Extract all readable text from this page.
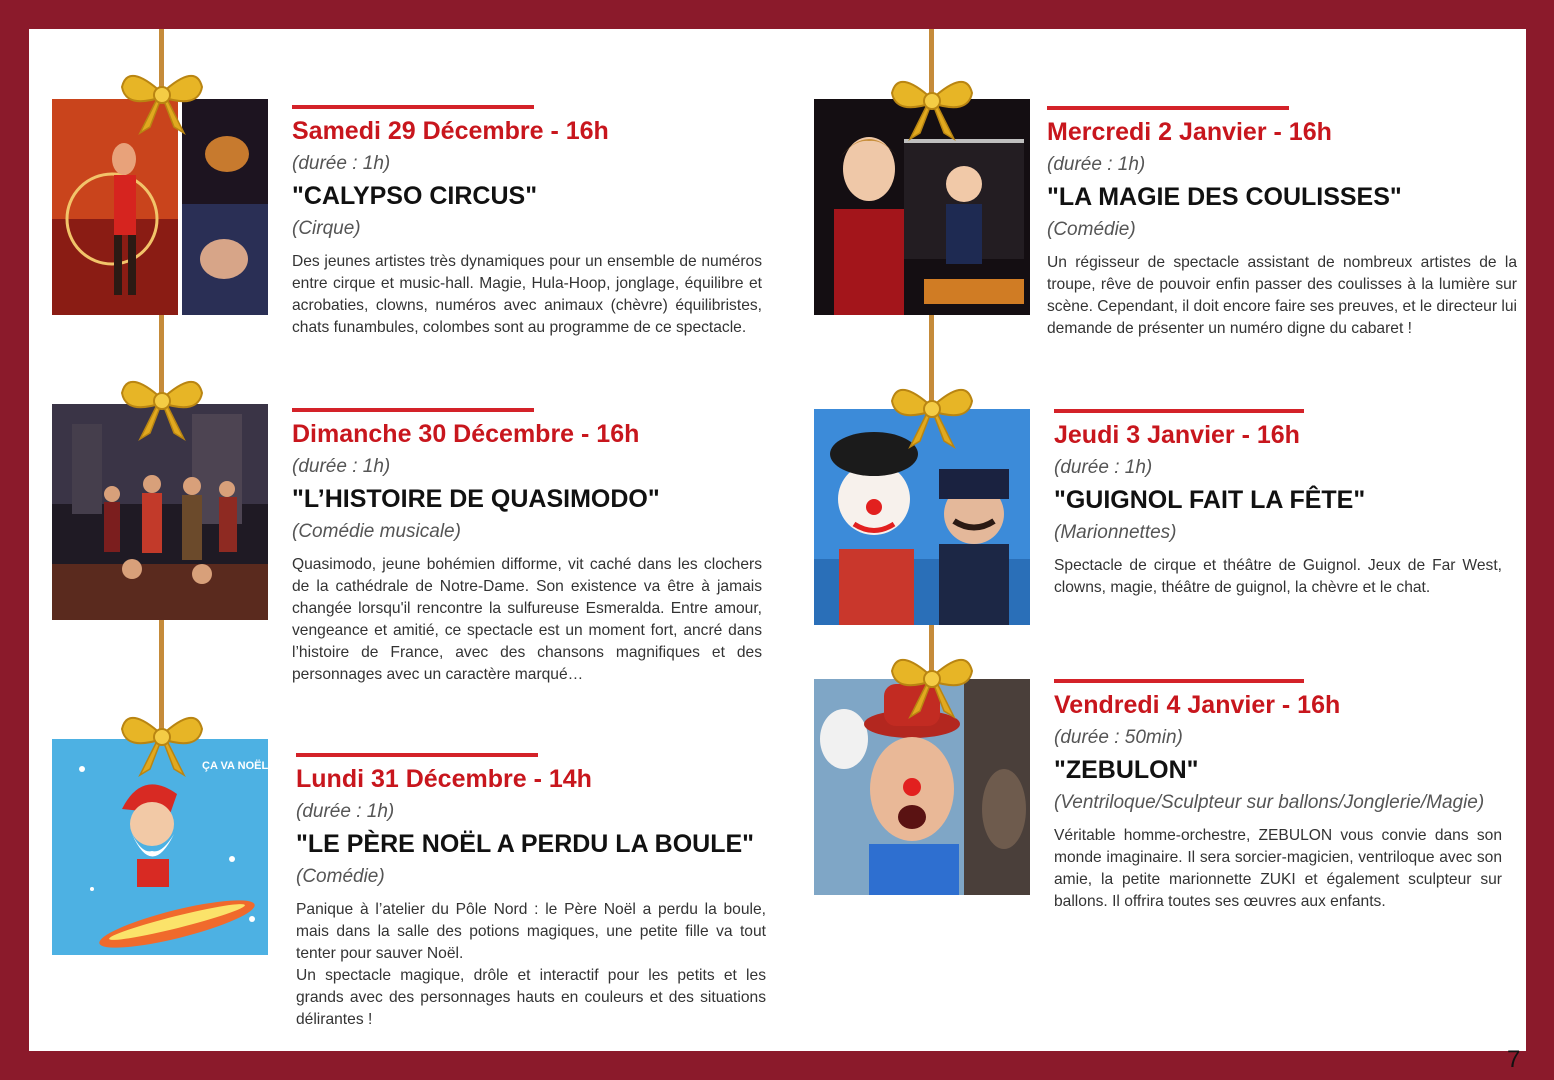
ÇA VA NOËL DE
Samedi 29 Décembre - 16h
(durée : 1h)
"CALYPSO CIRCUS"
(Cirque)

Des jeunes artistes très dynamiques pour un ensemble de numéros entre cirque et music-hall. Magie, Hula-Hoop, jonglage, équilibre et acrobaties, clowns, numéros avec animaux (chèvre) équilibristes, chats funambules, colombes sont au programme de ce spectacle.

Dimanche 30 Décembre - 16h
(durée : 1h)
"L’HISTOIRE DE QUASIMODO"
(Comédie musicale)

Quasimodo, jeune bohémien difforme, vit caché dans les clochers de la cathédrale de Notre-Dame. Son existence va être à jamais changée lorsqu'il rencontre la sulfureuse Esmeralda. Entre amour, vengeance et amitié, ce spectacle est un moment fort, ancré dans l’histoire de France, avec des chansons magnifiques et des personnages avec un caractère marqué…

Lundi 31 Décembre - 14h
(durée : 1h)
"LE PÈRE NOËL A PERDU LA BOULE"
(Comédie)

Panique à l’atelier du Pôle Nord : le Père Noël a perdu la boule, mais dans la salle des potions magiques, une petite fille va tout tenter pour sauver Noël.

Un spectacle magique, drôle et interactif pour les petits et les grands avec des personnages hauts en couleurs et des situations délirantes !

Mercredi 2 Janvier - 16h
(durée : 1h)
"LA MAGIE DES COULISSES"
(Comédie)

Un régisseur de spectacle assistant de nombreux artistes de la troupe, rêve de pouvoir enfin passer des coulisses à la lumière sur scène. Cependant, il doit encore faire ses preuves, et le directeur lui demande de présenter un numéro digne du cabaret !

Jeudi 3 Janvier - 16h
(durée : 1h)
"GUIGNOL FAIT LA FÊTE"
(Marionnettes)

Spectacle de cirque et théâtre de Guignol. Jeux de Far West, clowns, magie, théâtre de guignol, la chèvre et le chat.

Vendredi 4 Janvier - 16h
(durée : 50min)
"ZEBULON"
(Ventriloque/Sculpteur sur ballons/Jonglerie/Magie)

Véritable homme-orchestre, ZEBULON vous convie dans son monde imaginaire. Il sera sorcier-magicien, ventriloque avec son amie, la petite marionnette ZUKI et également sculpteur sur ballons. Il offrira toutes ses œuvres aux enfants.

7
